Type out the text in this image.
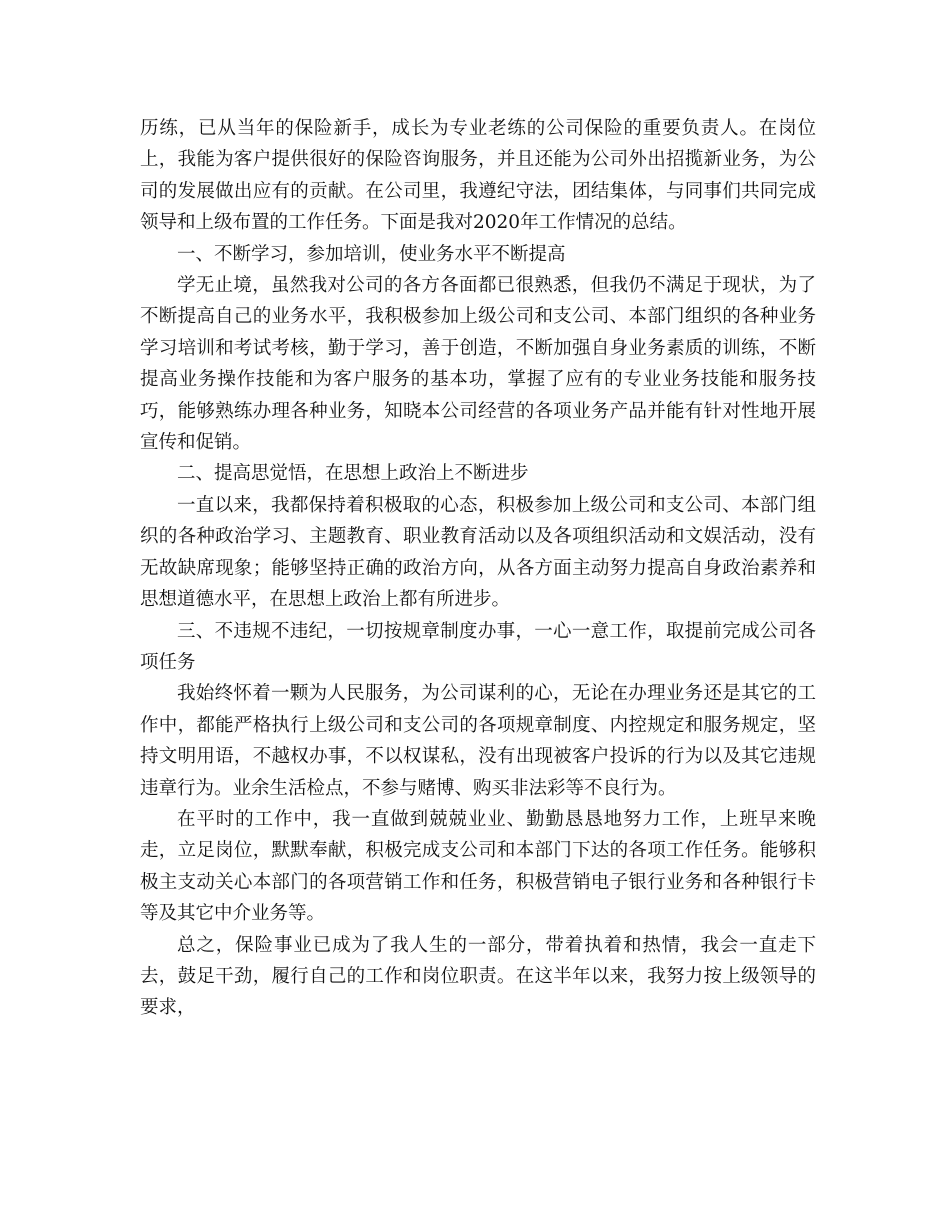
历练，已从当年的保险新手，成长为专业老练的公司保险的重要负责人。在岗位上，我能为客户提供很好的保险咨询服务，并且还能为公司外出招揽新业务，为公司的发展做出应有的贡献。在公司里，我遵纪守法，团结集体，与同事们共同完成领导和上级布置的工作任务。下面是我对2020年工作情况的总结。

一、不断学习，参加培训，使业务水平不断提高

学无止境，虽然我对公司的各方各面都已很熟悉，但我仍不满足于现状，为了不断提高自己的业务水平，我积极参加上级公司和支公司、本部门组织的各种业务学习培训和考试考核，勤于学习，善于创造，不断加强自身业务素质的训练，不断提高业务操作技能和为客户服务的基本功，掌握了应有的专业业务技能和服务技巧，能够熟练办理各种业务，知晓本公司经营的各项业务产品并能有针对性地开展宣传和促销。

二、提高思觉悟，在思想上政治上不断进步

一直以来，我都保持着积极取的心态，积极参加上级公司和支公司、本部门组织的各种政治学习、主题教育、职业教育活动以及各项组织活动和文娱活动，没有无故缺席现象；能够坚持正确的政治方向，从各方面主动努力提高自身政治素养和思想道德水平，在思想上政治上都有所进步。

三、不违规不违纪，一切按规章制度办事，一心一意工作，取提前完成公司各项任务

我始终怀着一颗为人民服务，为公司谋利的心，无论在办理业务还是其它的工作中，都能严格执行上级公司和支公司的各项规章制度、内控规定和服务规定，坚持文明用语，不越权办事，不以权谋私，没有出现被客户投诉的行为以及其它违规违章行为。业余生活检点，不参与赌博、购买非法彩等不良行为。

在平时的工作中，我一直做到兢兢业业、勤勤恳恳地努力工作，上班早来晚走，立足岗位，默默奉献，积极完成支公司和本部门下达的各项工作任务。能够积极主支动关心本部门的各项营销工作和任务，积极营销电子银行业务和各种银行卡等及其它中介业务等。

总之，保险事业已成为了我人生的一部分，带着执着和热情，我会一直走下去，鼓足干劲，履行自己的工作和岗位职责。在这半年以来，我努力按上级领导的要求，
